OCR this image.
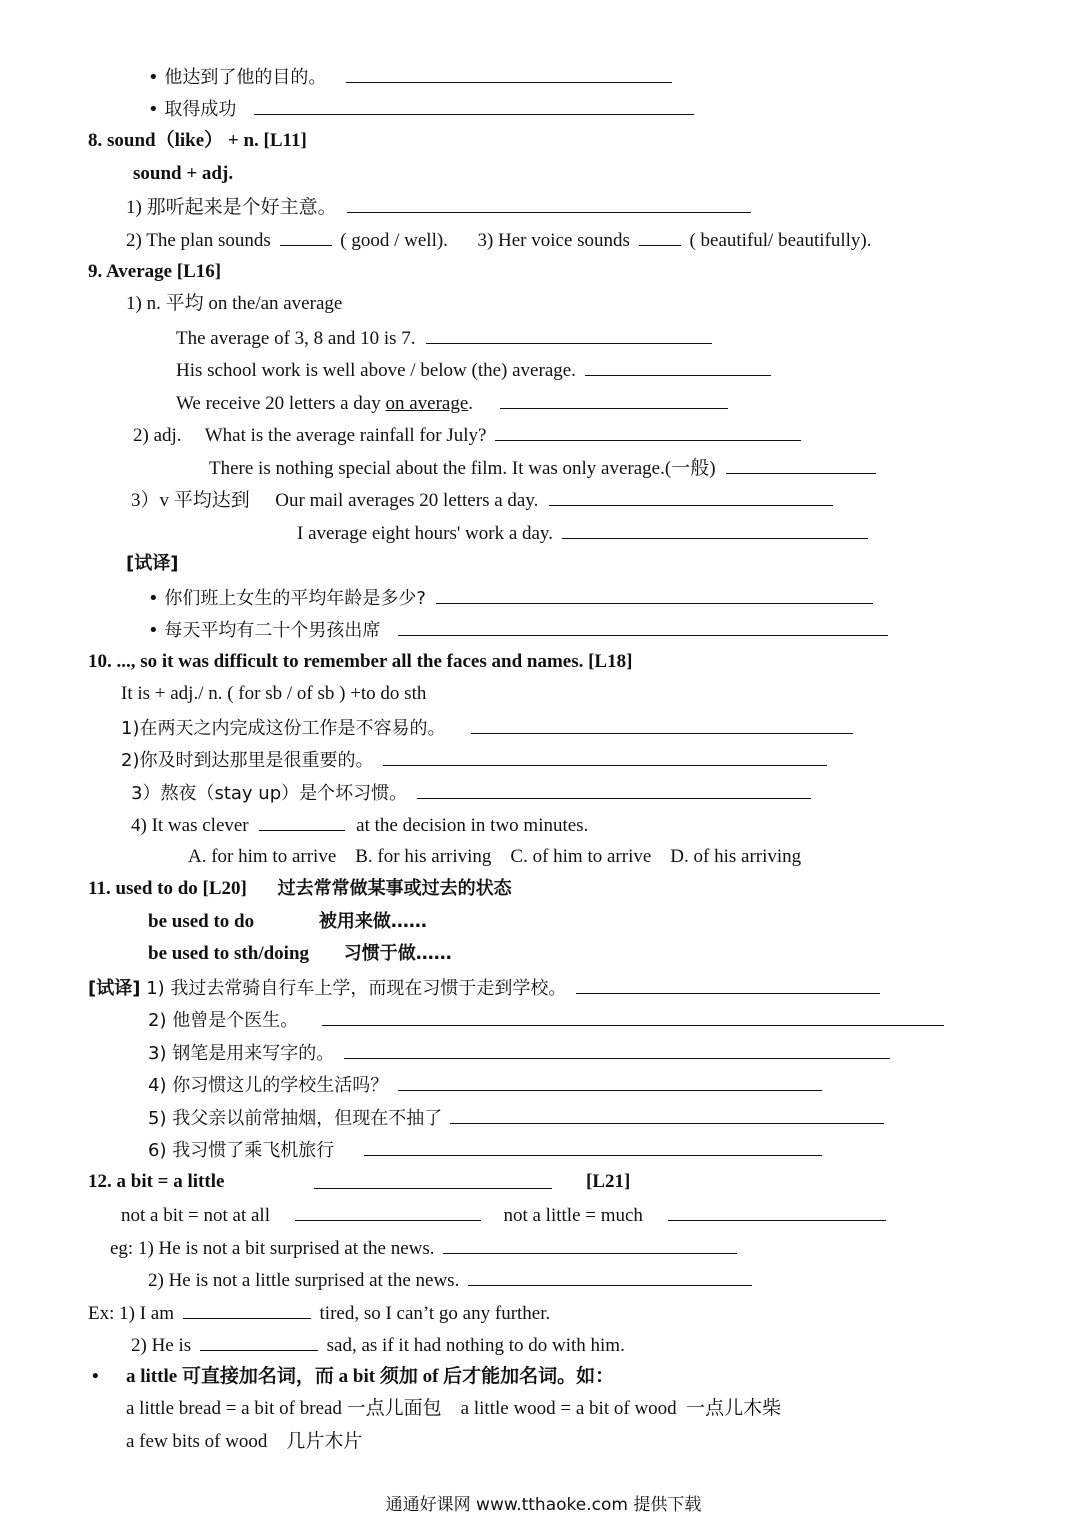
• 他达到了他的目的。
• 取得成功
8. sound（like） + n. [L11]
sound + adj.
1) 那听起来是个好主意。
2) The plan sounds	( good / well). 3) Her voice sounds	( beautiful/ beautifully).
9. Average [L16]
1) n. 平均 on the/an average
The average of 3, 8 and 10 is 7.
His school work is well above / below (the) average.
We receive 20 letters a day on average.
2) adj. What is the average rainfall for July?
There is nothing special about the film. It was only average.(一般)
3）v 平均达到 Our mail averages 20 letters a day.
I average eight hours' work a day.
[试译]
• 你们班上女生的平均年龄是多少?
• 每天平均有二十个男孩出席
10. ..., so it was difficult to remember all the faces and names. [L18]
It is + adj./ n. ( for sb / of sb ) +to do sth
1)在两天之内完成这份工作是不容易的。
2)你及时到达那里是很重要的。
3）熬夜（stay up）是个坏习惯。
4) It was clever	at the decision in two minutes.
A. for him to arrive    B. for his arriving    C. of him to arrive    D. of his arriving
11. used to do [L20] 过去常常做某事或过去的状态
be used to do	被用来做……
be used to sth/doing 习惯于做……
[试译] 1) 我过去常骑自行车上学，而现在习惯于走到学校。
2) 他曾是个医生。
3) 钢笔是用来写字的。
4) 你习惯这儿的学校生活吗？
5) 我父亲以前常抽烟，但现在不抽了
6) 我习惯了乘飞机旅行
12. a bit = a little	[L21]
not a bit = not at all	not a little = much
eg: 1) He is not a bit surprised at the news.
2) He is not a little surprised at the news.
Ex: 1) I am	tired, so I can’t go any further.
2) He is	sad, as if it had nothing to do with him.
• a little 可直接加名词，而 a bit 须加 of 后才能加名词。如：
a little bread = a bit of bread 一点儿面包    a little wood = a bit of wood  一点儿木柴
a few bits of wood    几片木片
通通好课网 www.tthaoke.com 提供下载
